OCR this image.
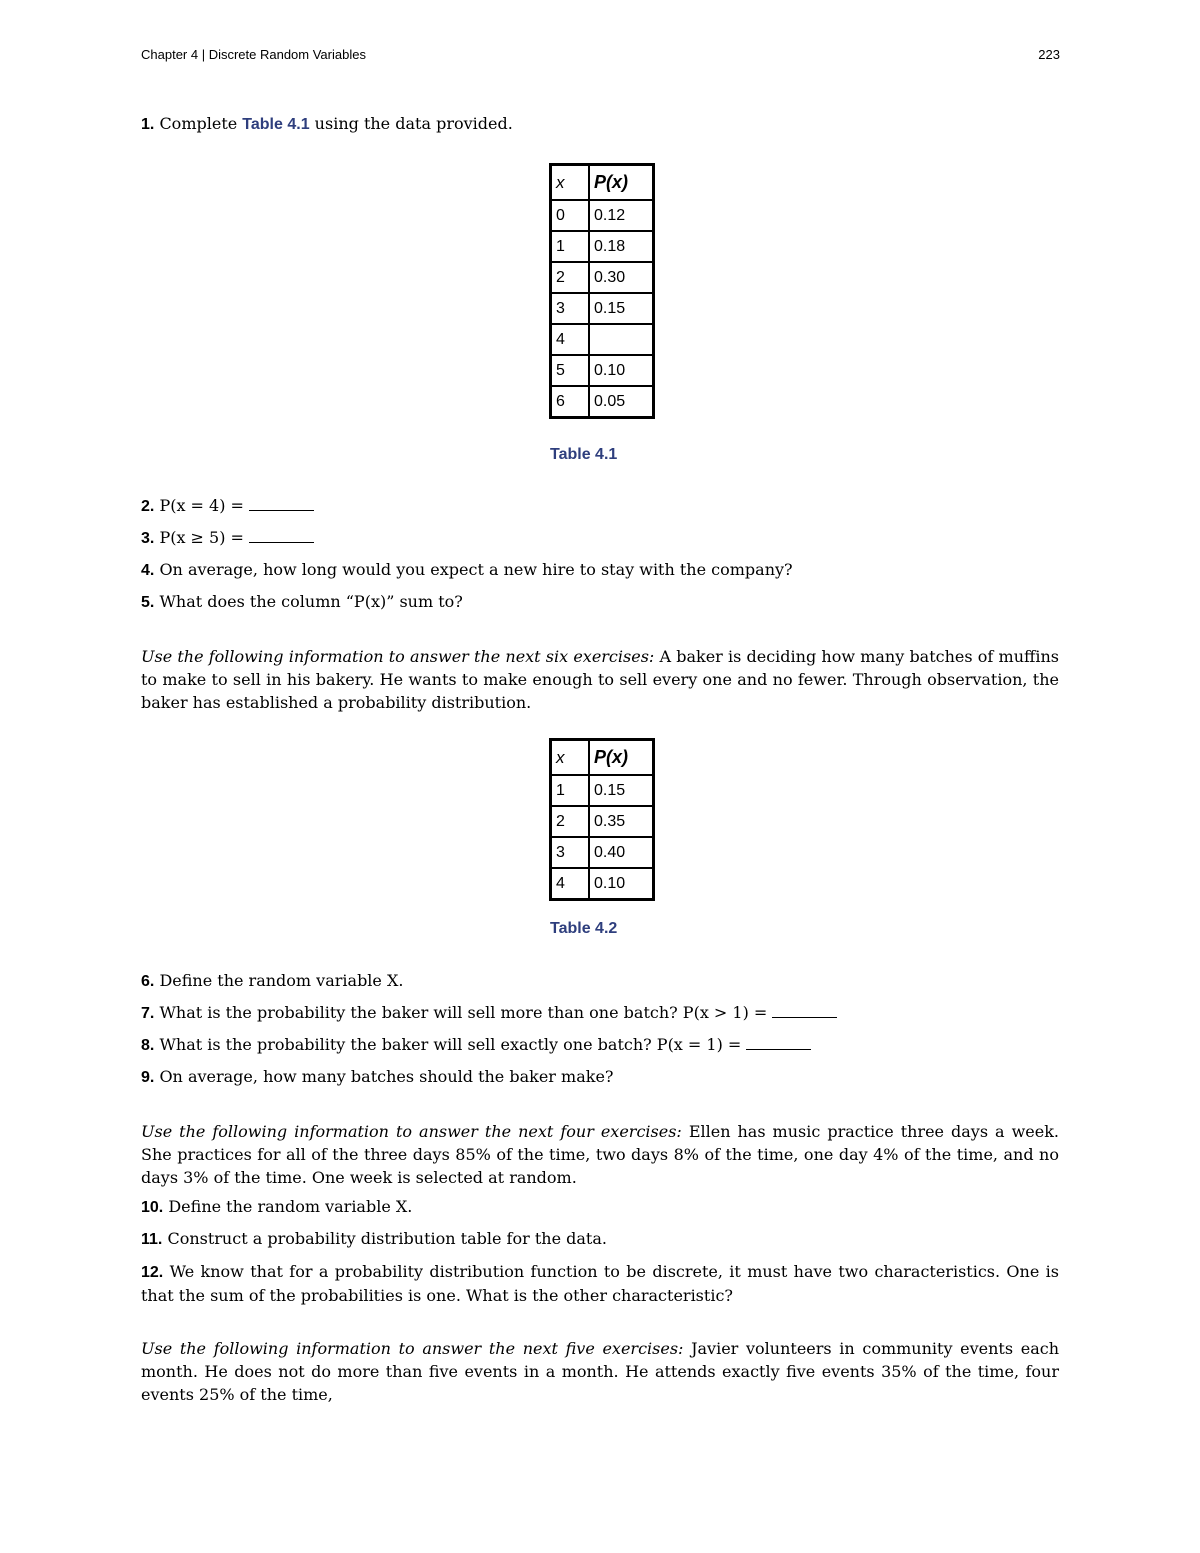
Chapter 4 | Discrete Random Variables	223
1. Complete Table 4.1 using the data provided.
x	P(x)
0	0.12
1	0.18
2	0.30
3	0.15
4	
5	0.10
6	0.05
Table 4.1
2. P(x = 4) =
3. P(x ≥ 5) =
4. On average, how long would you expect a new hire to stay with the company?
5. What does the column “P(x)” sum to?
Use the following information to answer the next six exercises: A baker is deciding how many batches of muffins to make to sell in his bakery. He wants to make enough to sell every one and no fewer. Through observation, the baker has established a probability distribution.
x	P(x)
1	0.15
2	0.35
3	0.40
4	0.10
Table 4.2
6. Define the random variable X.
7. What is the probability the baker will sell more than one batch? P(x > 1) =
8. What is the probability the baker will sell exactly one batch? P(x = 1) =
9. On average, how many batches should the baker make?
Use the following information to answer the next four exercises: Ellen has music practice three days a week. She practices for all of the three days 85% of the time, two days 8% of the time, one day 4% of the time, and no days 3% of the time. One week is selected at random.
10. Define the random variable X.
11. Construct a probability distribution table for the data.
12. We know that for a probability distribution function to be discrete, it must have two characteristics. One is that the sum of the probabilities is one. What is the other characteristic?
Use the following information to answer the next five exercises: Javier volunteers in community events each month. He does not do more than five events in a month. He attends exactly five events 35% of the time, four events 25% of the time,
